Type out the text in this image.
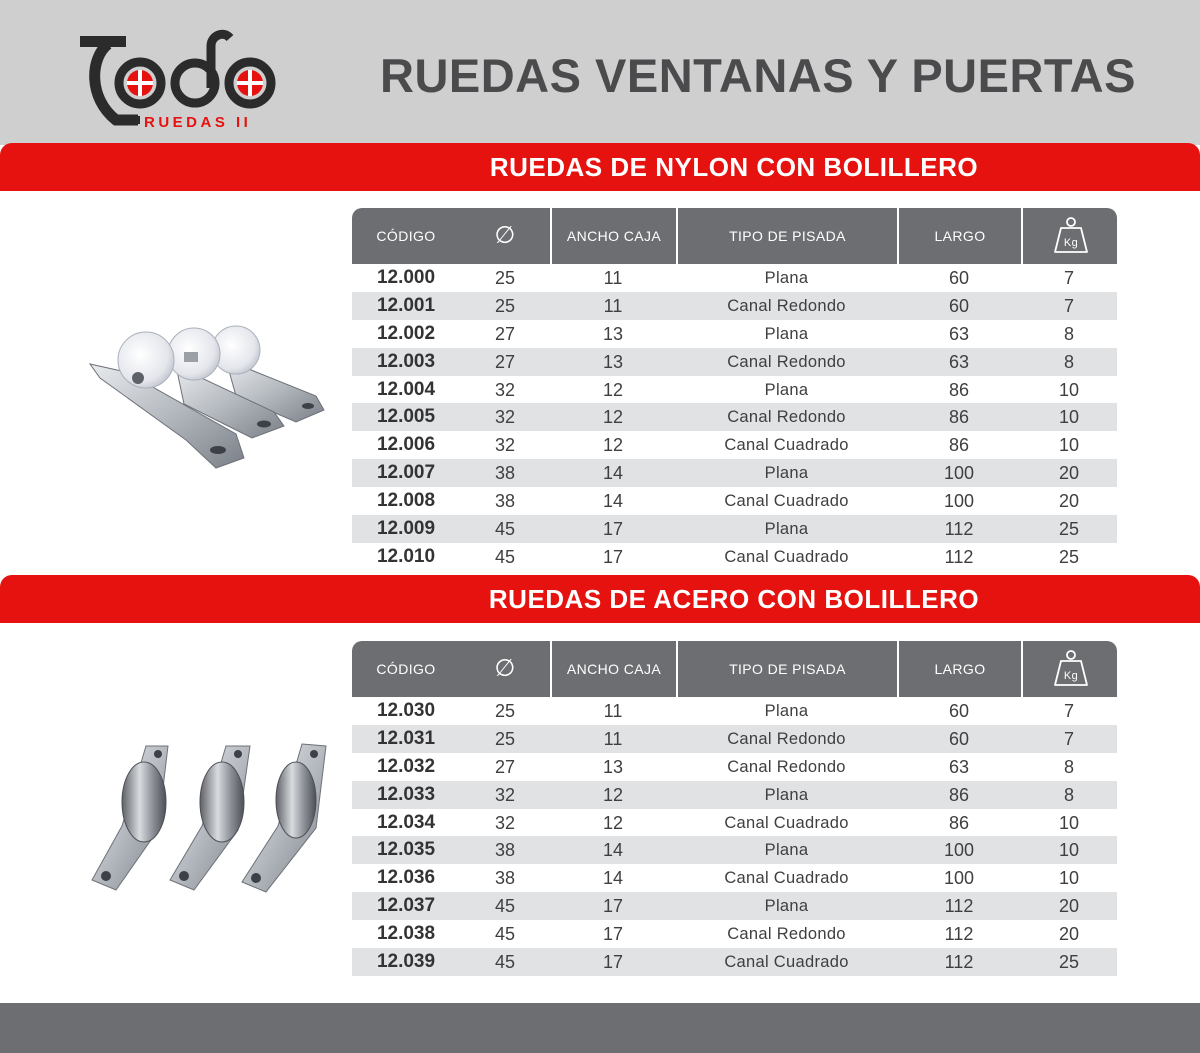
RUEDAS II
RUEDAS VENTANAS Y PUERTAS
RUEDAS DE NYLON CON BOLILLERO
CÓDIGO	∅	ANCHO CAJA	TIPO DE PISADA	LARGO	Kg
12.000	25	11	Plana	60	7
12.001	25	11	Canal Redondo	60	7
12.002	27	13	Plana	63	8
12.003	27	13	Canal Redondo	63	8
12.004	32	12	Plana	86	10
12.005	32	12	Canal Redondo	86	10
12.006	32	12	Canal Cuadrado	86	10
12.007	38	14	Plana	100	20
12.008	38	14	Canal Cuadrado	100	20
12.009	45	17	Plana	112	25
12.010	45	17	Canal Cuadrado	112	25
RUEDAS DE ACERO CON BOLILLERO
CÓDIGO	∅	ANCHO CAJA	TIPO DE PISADA	LARGO	Kg
12.030	25	11	Plana	60	7
12.031	25	11	Canal Redondo	60	7
12.032	27	13	Canal Redondo	63	8
12.033	32	12	Plana	86	8
12.034	32	12	Canal Cuadrado	86	10
12.035	38	14	Plana	100	10
12.036	38	14	Canal Cuadrado	100	10
12.037	45	17	Plana	112	20
12.038	45	17	Canal Redondo	112	20
12.039	45	17	Canal Cuadrado	112	25
